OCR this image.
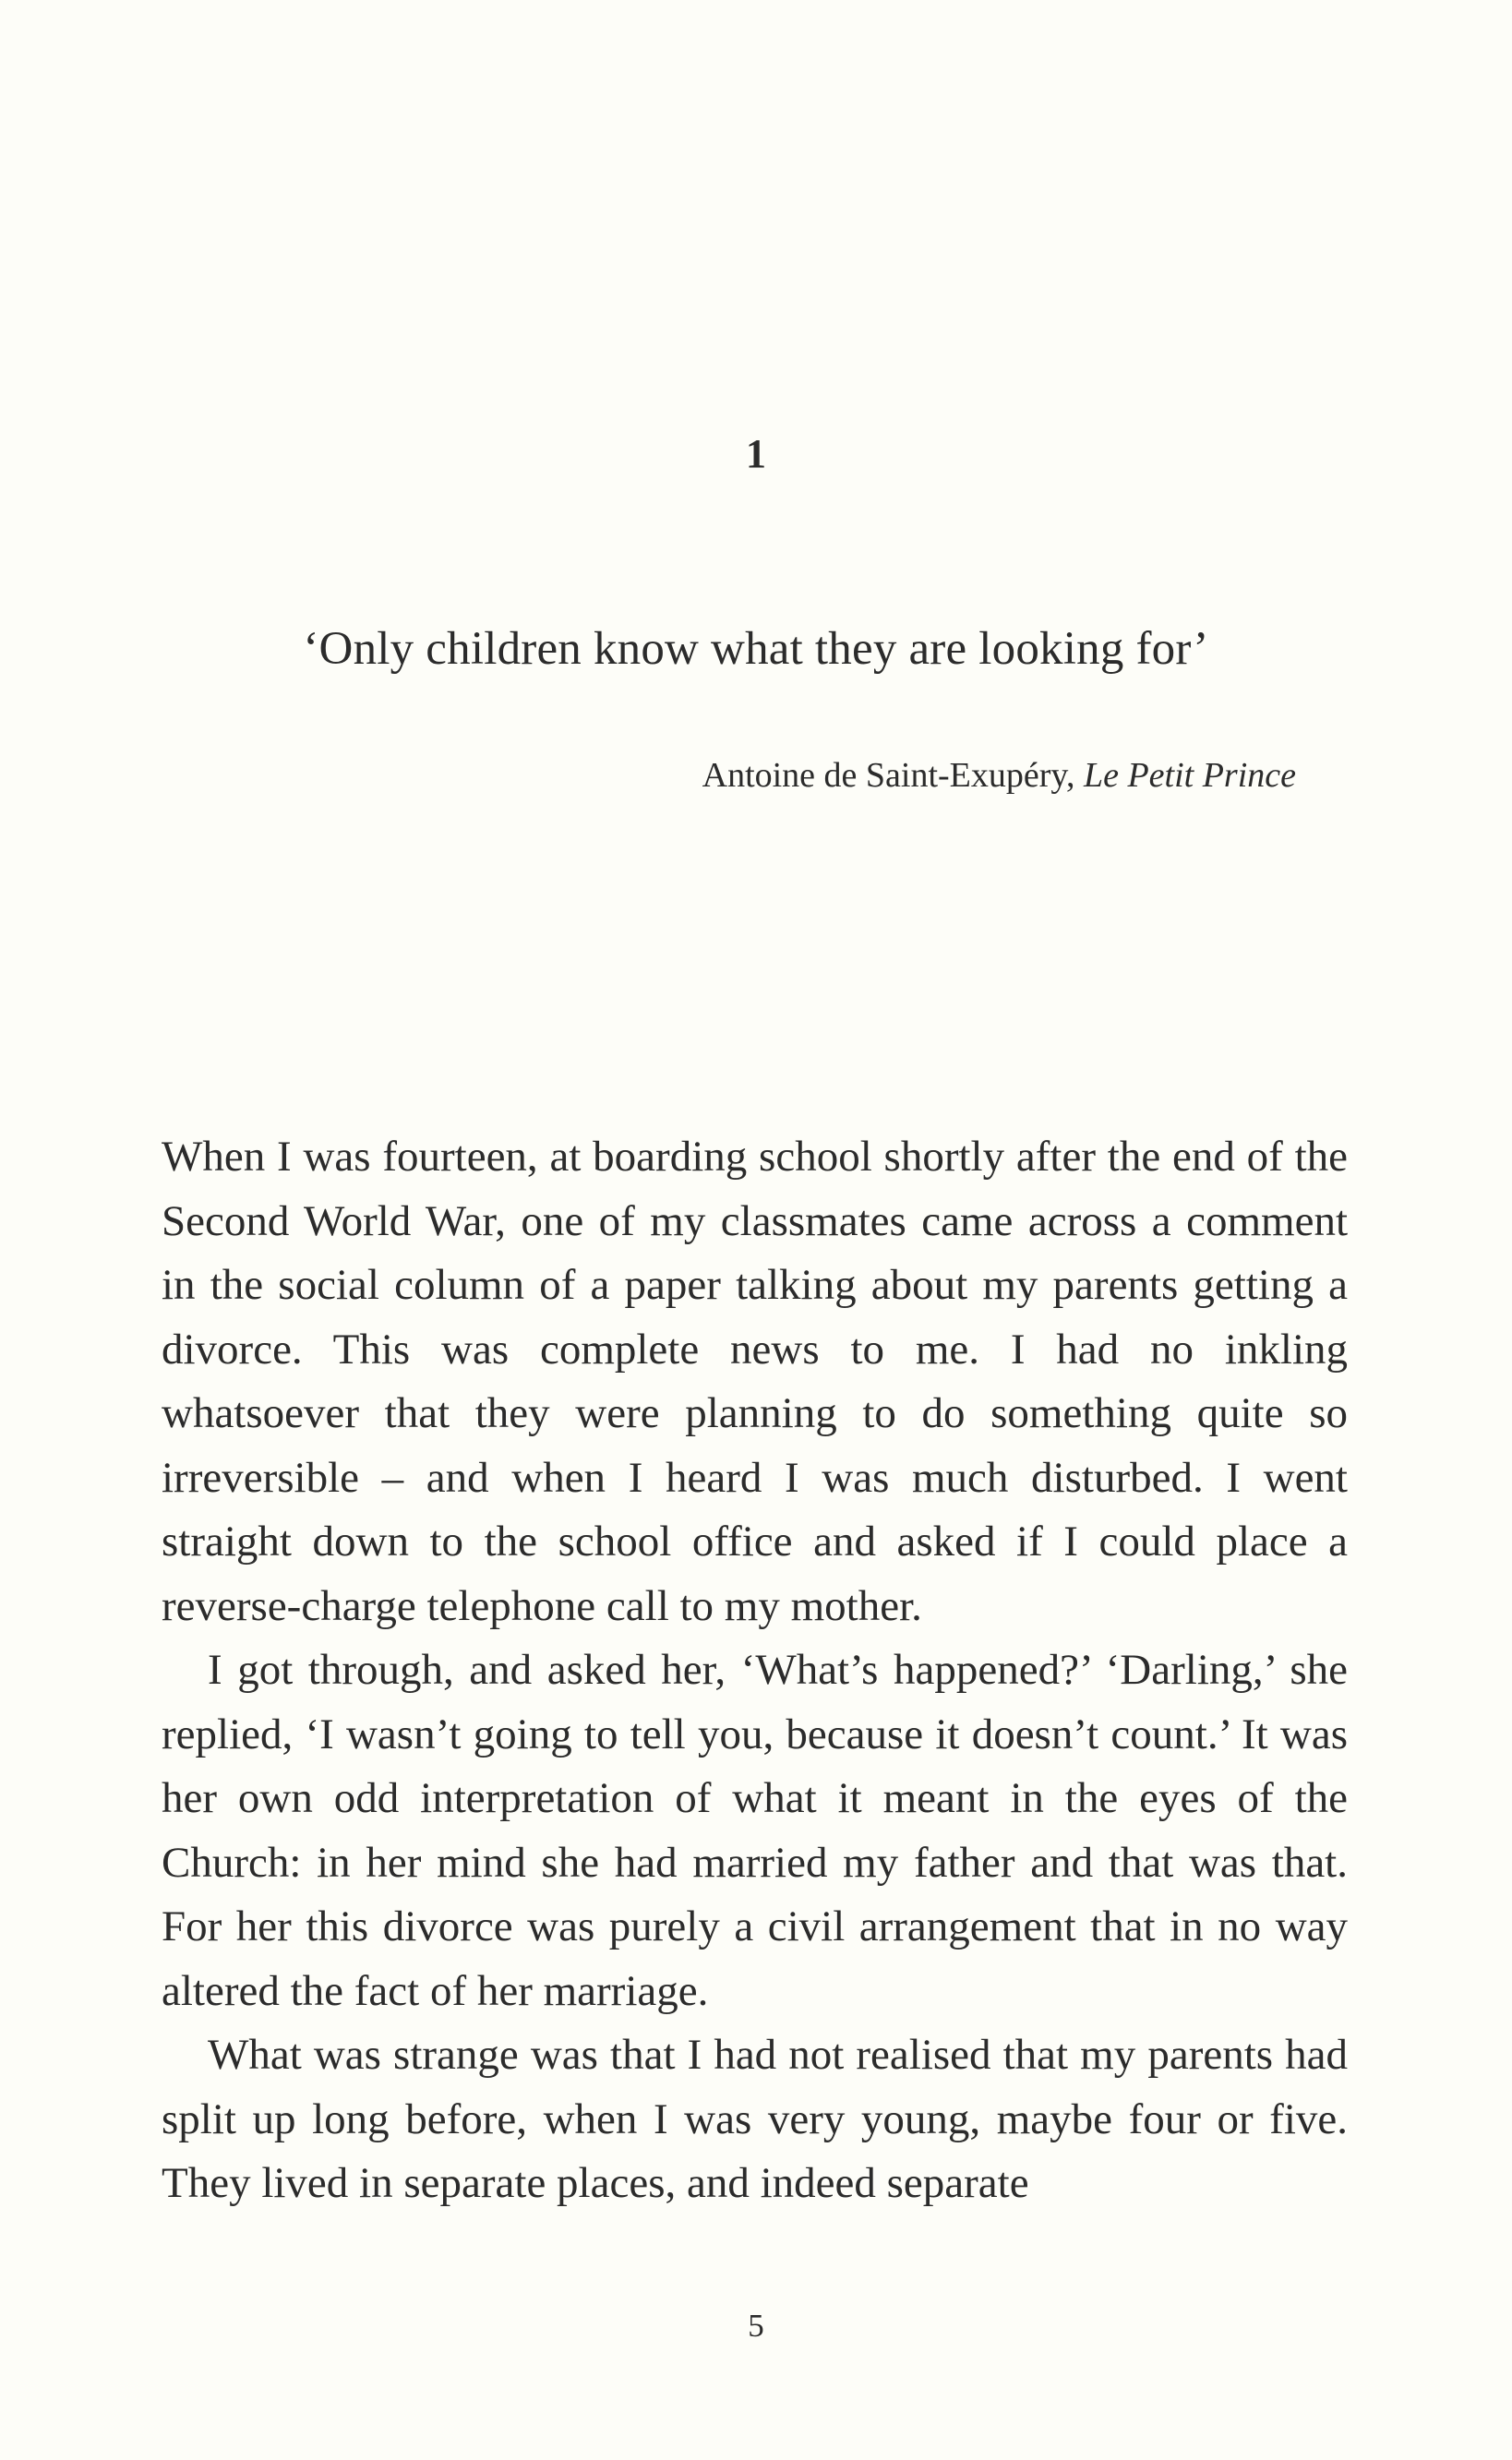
1
‘Only children know what they are looking for’
Antoine de Saint-Exupéry, Le Petit Prince

When I was fourteen, at boarding school shortly after the end of the Second World War, one of my classmates came across a comment in the social column of a paper talking about my parents getting a divorce. This was complete news to me. I had no inkling whatsoever that they were planning to do something quite so irreversible – and when I heard I was much disturbed. I went straight down to the school office and asked if I could place a reverse-charge telephone call to my mother.

I got through, and asked her, ‘What’s happened?’ ‘Darling,’ she replied, ‘I wasn’t going to tell you, because it doesn’t count.’ It was her own odd interpretation of what it meant in the eyes of the Church: in her mind she had married my father and that was that. For her this divorce was purely a civil arrangement that in no way altered the fact of her marriage.

What was strange was that I had not realised that my parents had split up long before, when I was very young, maybe four or five. They lived in separate places, and indeed separate

5
